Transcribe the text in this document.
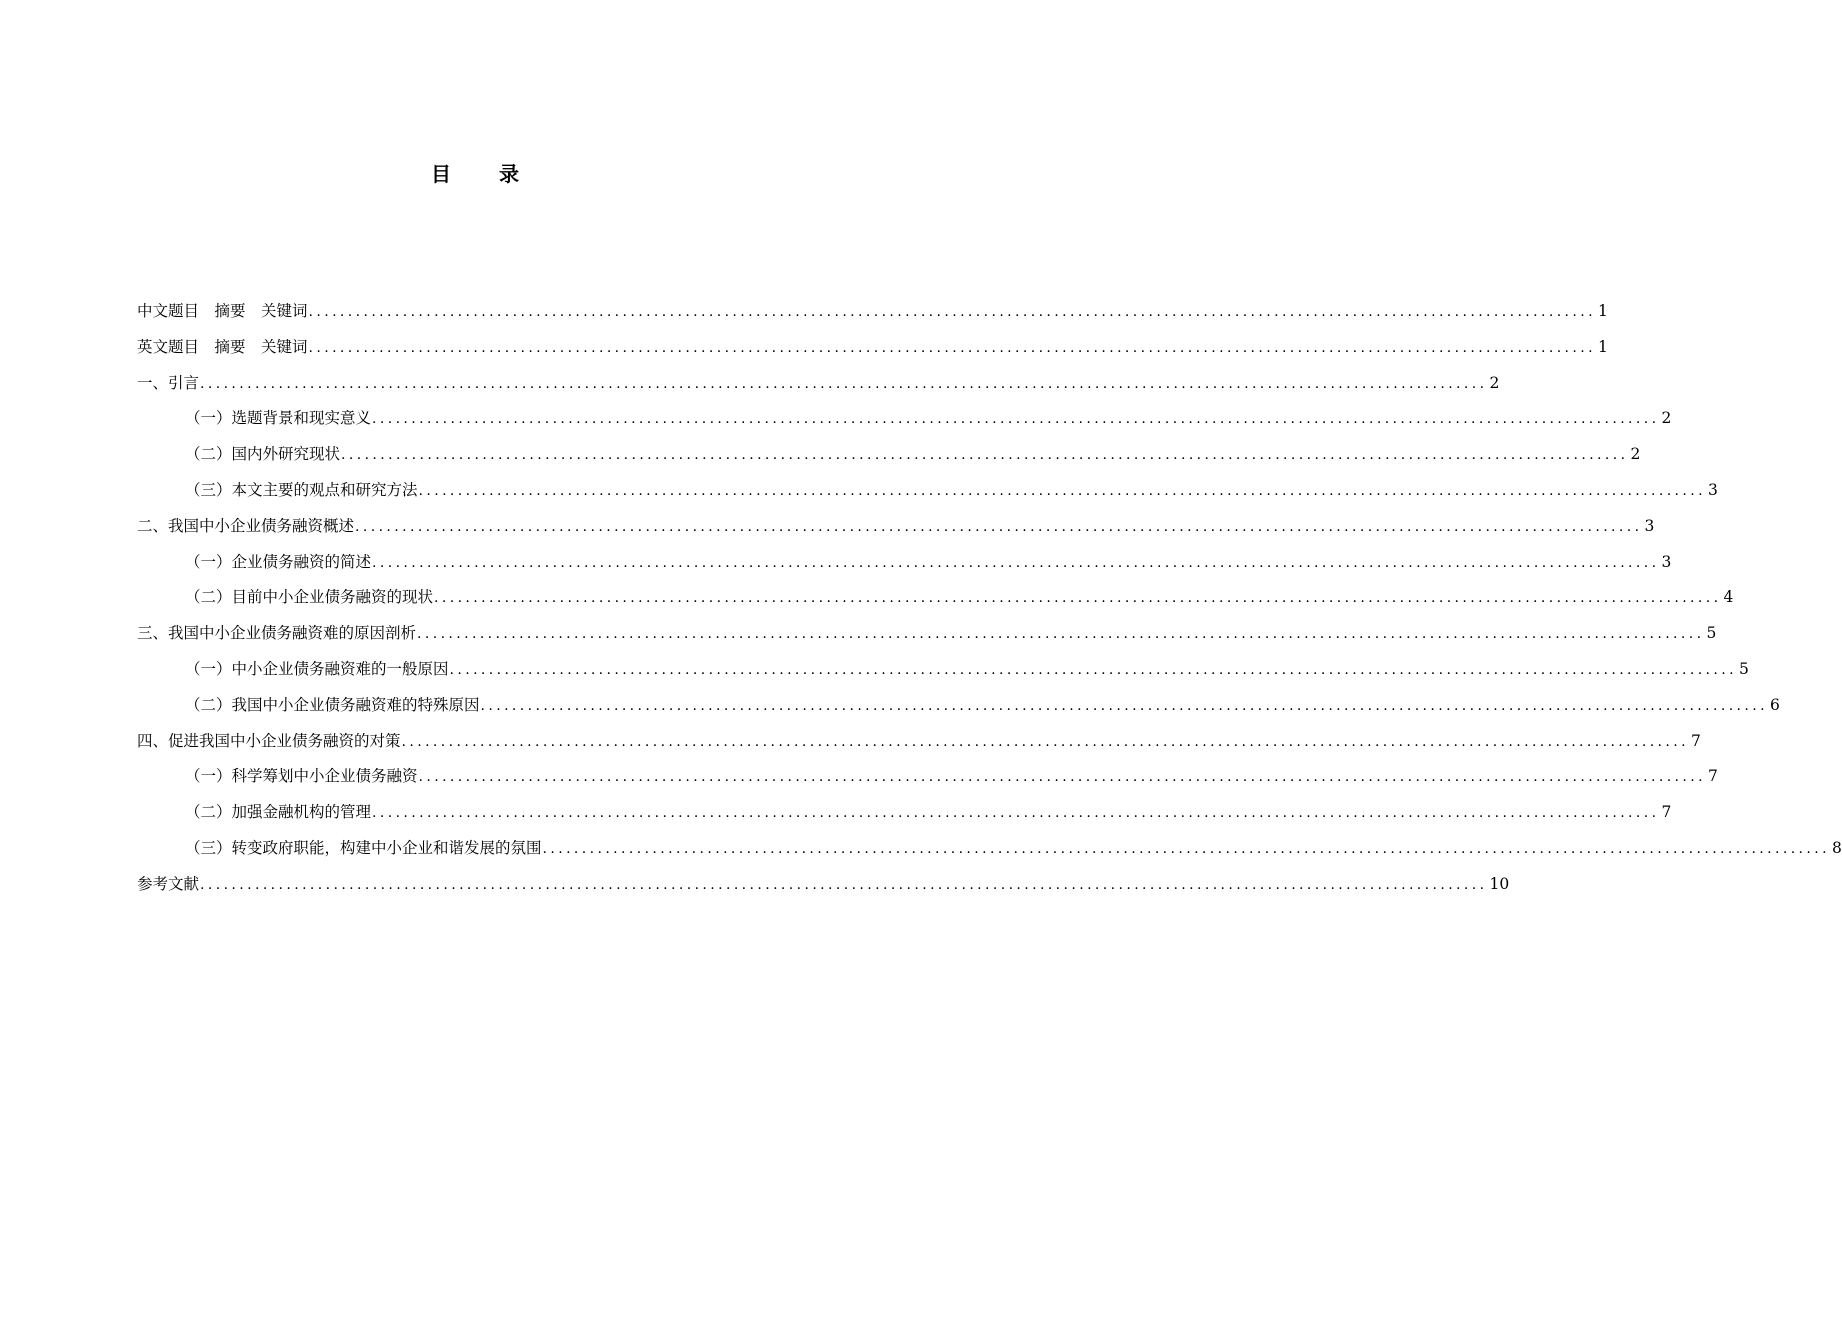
目　录
中文题目　摘要　关键词 .................................................................................................................................................................... 1
英文题目　摘要　关键词 .................................................................................................................................................................... 1
一、引言 .................................................................................................................................................................... 2
（一）选题背景和现实意义 .................................................................................................................................................................... 2
（二）国内外研究现状 .................................................................................................................................................................... 2
（三）本文主要的观点和研究方法 .................................................................................................................................................................... 3
二、我国中小企业债务融资概述 .................................................................................................................................................................... 3
（一）企业债务融资的简述 .................................................................................................................................................................... 3
（二）目前中小企业债务融资的现状 .................................................................................................................................................................... 4
三、我国中小企业债务融资难的原因剖析 .................................................................................................................................................................... 5
（一）中小企业债务融资难的一般原因 .................................................................................................................................................................... 5
（二）我国中小企业债务融资难的特殊原因 .................................................................................................................................................................... 6
四、促进我国中小企业债务融资的对策 .................................................................................................................................................................... 7
（一）科学筹划中小企业债务融资 .................................................................................................................................................................... 7
（二）加强金融机构的管理 .................................................................................................................................................................... 7
（三）转变政府职能，构建中小企业和谐发展的氛围 .................................................................................................................................................................... 8
参考文献 .................................................................................................................................................................... 10
